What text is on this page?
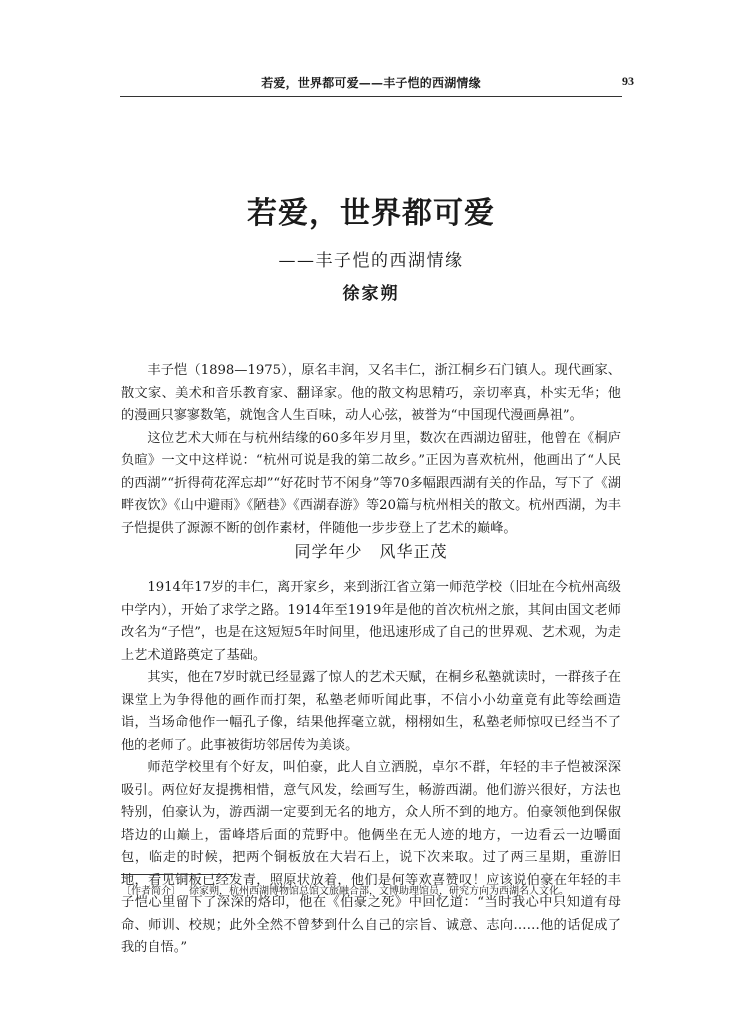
若爱，世界都可爱——丰子恺的西湖情缘	93
若爱，世界都可爱
——丰子恺的西湖情缘
徐家朔

丰子恺（1898—1975），原名丰润，又名丰仁，浙江桐乡石门镇人。现代画家、散文家、美术和音乐教育家、翻译家。他的散文构思精巧，亲切率真，朴实无华；他的漫画只寥寥数笔，就饱含人生百味，动人心弦，被誉为“中国现代漫画鼻祖”。

这位艺术大师在与杭州结缘的60多年岁月里，数次在西湖边留驻，他曾在《桐庐负暄》一文中这样说：“杭州可说是我的第二故乡。”正因为喜欢杭州，他画出了“人民的西湖”“折得荷花浑忘却”“好花时节不闲身”等70多幅跟西湖有关的作品，写下了《湖畔夜饮》《山中避雨》《陋巷》《西湖春游》等20篇与杭州相关的散文。杭州西湖，为丰子恺提供了源源不断的创作素材，伴随他一步步登上了艺术的巅峰。

同学年少　风华正茂

1914年17岁的丰仁，离开家乡，来到浙江省立第一师范学校（旧址在今杭州高级中学内），开始了求学之路。1914年至1919年是他的首次杭州之旅，其间由国文老师改名为“子恺”，也是在这短短5年时间里，他迅速形成了自己的世界观、艺术观，为走上艺术道路奠定了基础。

其实，他在7岁时就已经显露了惊人的艺术天赋，在桐乡私塾就读时，一群孩子在课堂上为争得他的画作而打架，私塾老师听闻此事，不信小小幼童竟有此等绘画造诣，当场命他作一幅孔子像，结果他挥毫立就，栩栩如生，私塾老师惊叹已经当不了他的老师了。此事被街坊邻居传为美谈。

师范学校里有个好友，叫伯豪，此人自立洒脱，卓尔不群，年轻的丰子恺被深深吸引。两位好友提携相惜，意气风发，绘画写生，畅游西湖。他们游兴很好，方法也特别，伯豪认为，游西湖一定要到无名的地方，众人所不到的地方。伯豪领他到保俶塔边的山巅上，雷峰塔后面的荒野中。他俩坐在无人迹的地方，一边看云一边嚼面包，临走的时候，把两个铜板放在大岩石上，说下次来取。过了两三星期，重游旧地，看见铜板已经发青，照原状放着，他们是何等欢喜赞叹！应该说伯豪在年轻的丰子恺心里留下了深深的烙印，他在《伯豪之死》中回忆道：“当时我心中只知道有母命、师训、校规；此外全然不曾梦到什么自己的宗旨、诚意、志向……他的话促成了我的自悟。”

〔作者简介〕 徐家朔，杭州西湖博物馆总馆文旅融合部，文博助理馆员，研究方向为西湖名人文化。
